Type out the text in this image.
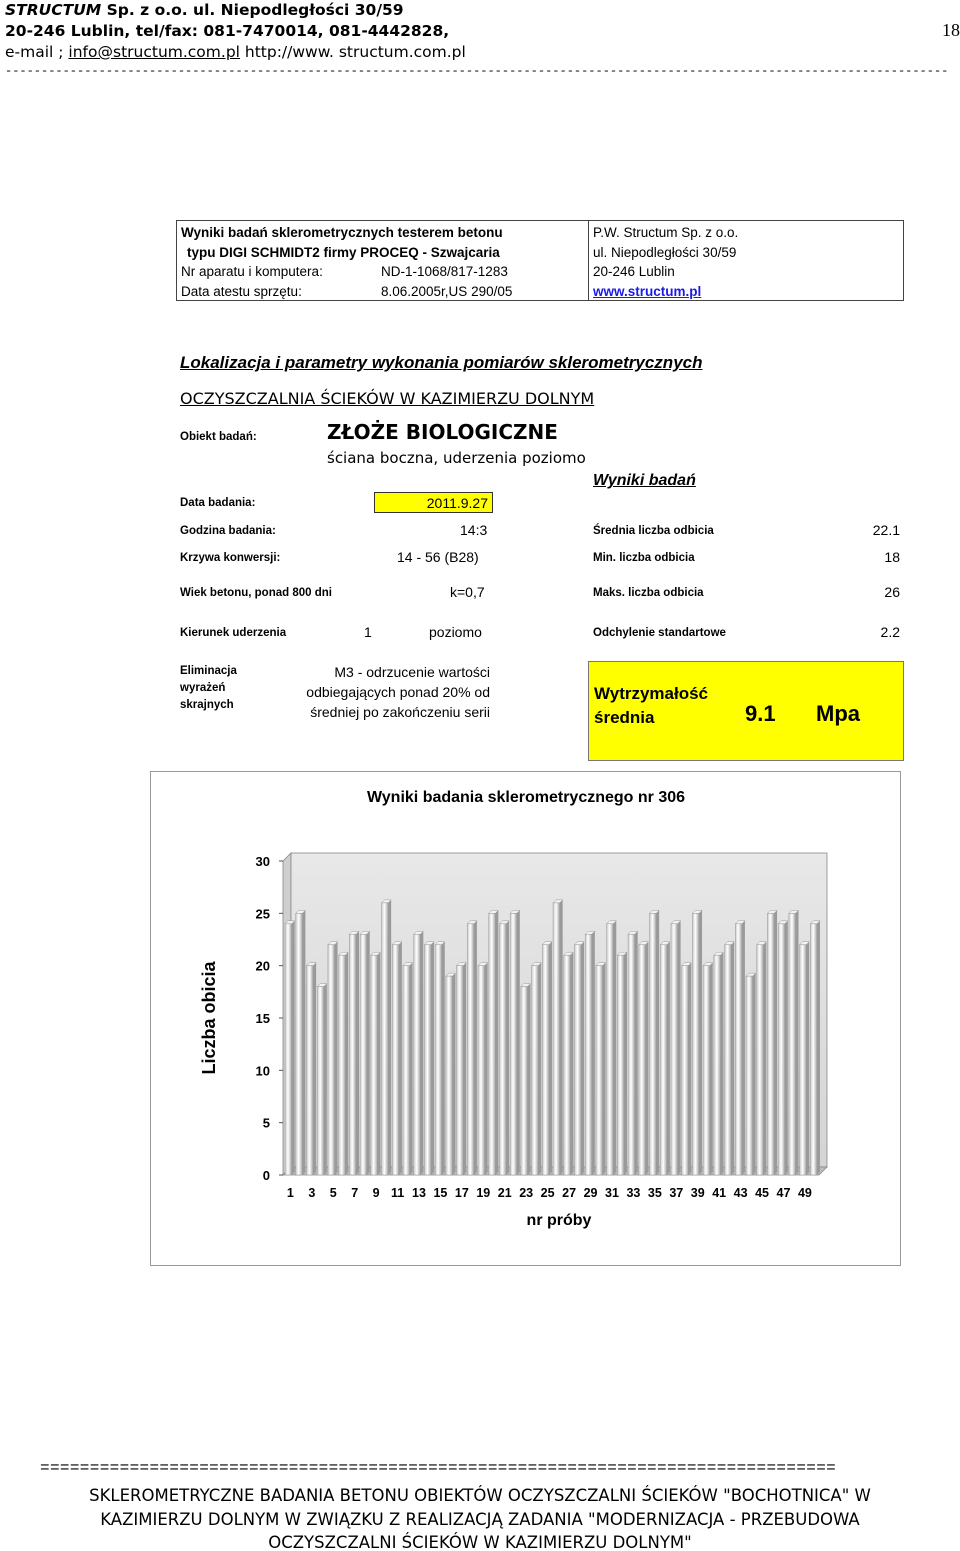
STRUCTUM Sp. z o.o. ul. Niepodległości 30/59
20-246 Lublin, tel/fax: 081-7470014, 081-4442828,
e-mail ; info@structum.com.pl http://www. structum.com.pl
18
-----------------------------------------------------------------------------------------------------------------------------------
Wyniki badań sklerometrycznych testerem betonu
typu DIGI SCHMIDT2 firmy PROCEQ - Szwajcaria
Nr aparatu i komputera:	ND-1-1068/817-1283
Data atestu sprzętu:	8.06.2005r,US 290/05
P.W. Structum Sp. z o.o.
ul. Niepodległości 30/59
20-246 Lublin
www.structum.pl
Lokalizacja i parametry wykonania pomiarów sklerometrycznych
OCZYSZCZALNIA ŚCIEKÓW W KAZIMIERZU DOLNYM
Obiekt badań:	ZŁOŻE BIOLOGICZNE
ściana boczna, uderzenia poziomo
Wyniki badań
Data badania:	2011.9.27
Godzina badania:	14:3	Średnia liczba odbicia	22.1
Krzywa konwersji:	14 - 56 (B28)	Min. liczba odbicia	18
Wiek betonu, ponad 800 dni	k=0,7	Maks. liczba odbicia	26
Kierunek uderzenia	1	poziomo	Odchylenie standartowe	2.2
Eliminacja
wyrażeń
skrajnych
M3 - odrzucenie wartości odbiegających ponad 20% od średniej po zakończeniu serii
Wytrzymałość
średnia	9.1 Mpa
Wyniki badania sklerometrycznego nr 306
0
5
10
15
20
25
30
Liczba obicia
1 3 5 7 9 11 13 15 17 19 21 23 25 27 29 31 33 35 37 39 41 43 45 47 49
nr próby
================================================================================
SKLEROMETRYCZNE BADANIA BETONU OBIEKTÓW OCZYSZCZALNI ŚCIEKÓW "BOCHOTNICA" W
KAZIMIERZU DOLNYM W ZWIĄZKU Z REALIZACJĄ ZADANIA "MODERNIZACJA - PRZEBUDOWA
OCZYSZCZALNI ŚCIEKÓW W KAZIMIERZU DOLNYM"
